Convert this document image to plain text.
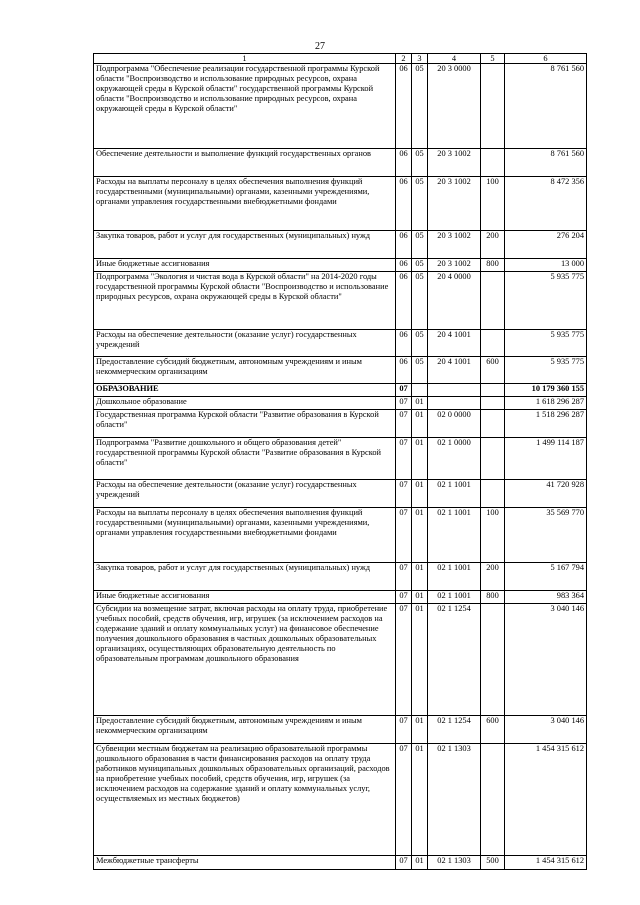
27
1	2	3	4	5	6
Подпрограмма "Обеспечение реализации государственной программы Курской области "Воспроизводство и использование природных ресурсов, охрана окружающей среды в Курской области" государственной программы Курской области "Воспроизводство и использование природных ресурсов, охрана окружающей среды в Курской области"	06	05	20 3 0000		8 761 560
Обеспечение деятельности и выполнение функций государственных органов	06	05	20 3 1002		8 761 560
Расходы на выплаты персоналу в целях обеспечения выполнения функций государственными (муниципальными) органами, казенными учреждениями, органами управления государственными внебюджетными фондами	06	05	20 3 1002	100	8 472 356
Закупка товаров, работ и услуг для государственных (муниципальных) нужд	06	05	20 3 1002	200	276 204
Иные бюджетные ассигнования	06	05	20 3 1002	800	13 000
Подпрограмма "Экология и чистая вода в Курской области" на 2014-2020 годы государственной программы Курской области "Воспроизводство и использование природных ресурсов, охрана окружающей среды в Курской области"	06	05	20 4 0000		5 935 775
Расходы на обеспечение деятельности (оказание услуг) государственных учреждений	06	05	20 4 1001		5 935 775
Предоставление субсидий бюджетным, автономным учреждениям и иным некоммерческим организациям	06	05	20 4 1001	600	5 935 775
ОБРАЗОВАНИЕ	07				10 179 360 155
Дошкольное образование	07	01			1 618 296 287
Государственная программа Курской области "Развитие образования в Курской области"	07	01	02 0 0000		1 518 296 287
Подпрограмма "Развитие дошкольного и общего образования детей" государственной программы Курской области "Развитие образования в Курской области"	07	01	02 1 0000		1 499 114 187
Расходы на обеспечение деятельности (оказание услуг) государственных учреждений	07	01	02 1 1001		41 720 928
Расходы на выплаты персоналу в целях обеспечения выполнения функций государственными (муниципальными) органами, казенными учреждениями, органами управления государственными внебюджетными фондами	07	01	02 1 1001	100	35 569 770
Закупка товаров, работ и услуг для государственных (муниципальных) нужд	07	01	02 1 1001	200	5 167 794
Иные бюджетные ассигнования	07	01	02 1 1001	800	983 364
Субсидии на возмещение затрат, включая расходы на оплату труда, приобретение учебных пособий, средств обучения, игр, игрушек (за исключением расходов на содержание зданий и оплату коммунальных услуг) на финансовое обеспечение получения дошкольного образования в частных дошкольных образовательных организациях, осуществляющих образовательную деятельность по образовательным программам дошкольного образования	07	01	02 1 1254		3 040 146
Предоставление субсидий бюджетным, автономным учреждениям и иным некоммерческим организациям	07	01	02 1 1254	600	3 040 146
Субвенции местным бюджетам на реализацию образовательной программы дошкольного образования в части финансирования расходов на оплату труда работников муниципальных дошкольных образовательных организаций, расходов на приобретение учебных пособий, средств обучения, игр, игрушек (за исключением расходов на содержание зданий и оплату коммунальных услуг, осуществляемых из местных бюджетов)	07	01	02 1 1303		1 454 315 612
Межбюджетные трансферты	07	01	02 1 1303	500	1 454 315 612
